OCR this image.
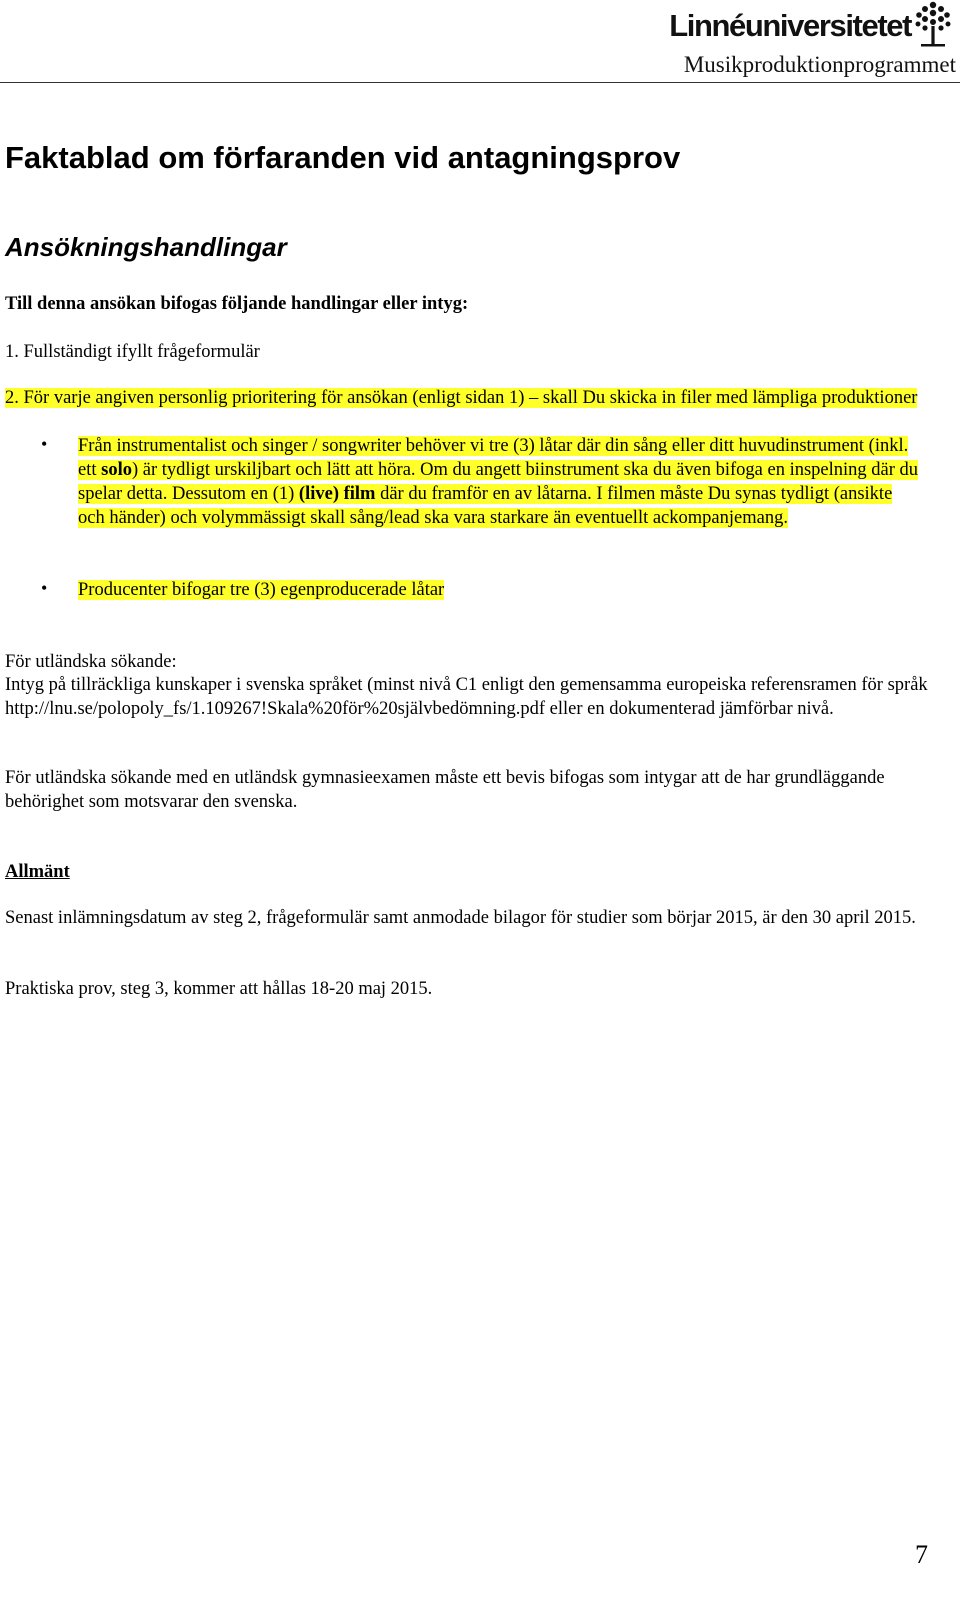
Linnéuniversitetet
Musikproduktionprogrammet
Faktablad om förfaranden vid antagningsprov
Ansökningshandlingar

Till denna ansökan bifogas följande handlingar eller intyg:

1. Fullständigt ifyllt frågeformulär

2. För varje angiven personlig prioritering för ansökan (enligt sidan 1) – skall Du skicka in filer med lämpliga produktioner

• Från instrumentalist och singer / songwriter behöver vi tre (3) låtar där din sång eller ditt huvudinstrument (inkl. ett solo) är tydligt urskiljbart och lätt att höra. Om du angett biinstrument ska du även bifoga en inspelning där du spelar detta. Dessutom en (1) (live) film där du framför en av låtarna. I filmen måste Du synas tydligt (ansikte och händer) och volymmässigt skall sång/lead ska vara starkare än eventuellt ackompanjemang.

• Producenter bifogar tre (3) egenproducerade låtar

För utländska sökande:

Intyg på tillräckliga kunskaper i svenska språket (minst nivå C1 enligt den gemensamma europeiska referensramen för språk http://lnu.se/polopoly_fs/1.109267!Skala%20för%20självbedömning.pdf eller en dokumenterad jämförbar nivå.

För utländska sökande med en utländsk gymnasieexamen måste ett bevis bifogas som intygar att de har grundläggande behörighet som motsvarar den svenska.

Allmänt

Senast inlämningsdatum av steg 2, frågeformulär samt anmodade bilagor för studier som börjar 2015, är den 30 april 2015.

Praktiska prov, steg 3, kommer att hållas 18-20 maj 2015.

7
